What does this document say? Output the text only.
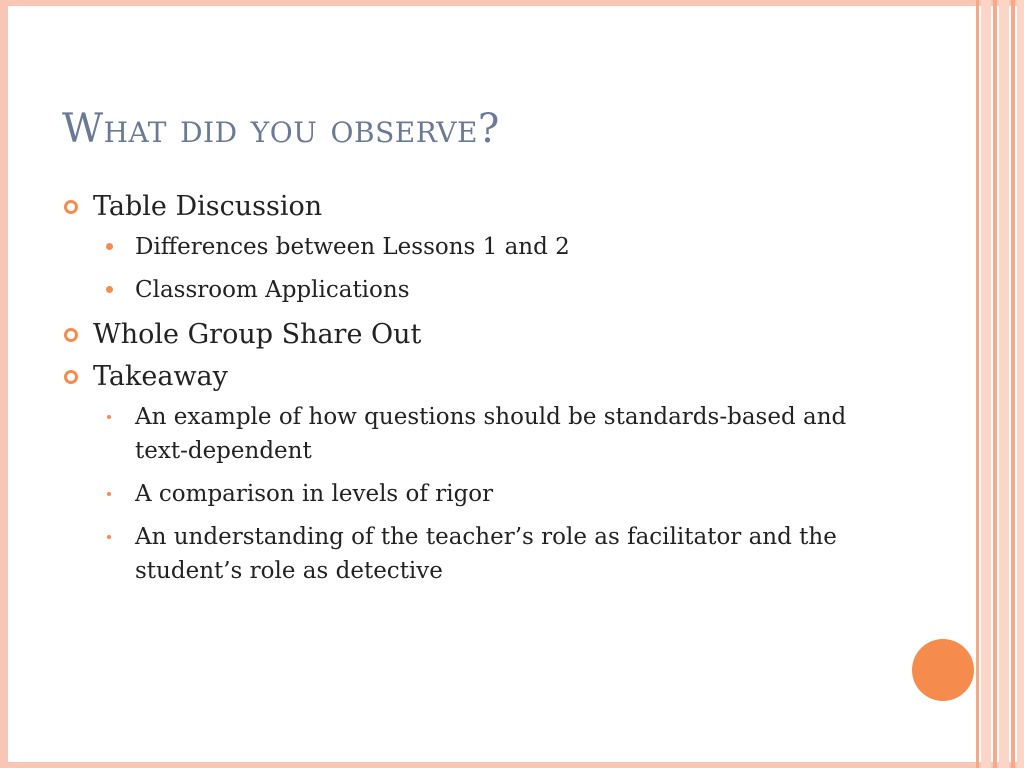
What did you observe?
Table Discussion
Differences between Lessons 1 and 2
Classroom Applications
Whole Group Share Out
Takeaway
An example of how questions should be standards-based and text-dependent
A comparison in levels of rigor
An understanding of the teacher’s role as facilitator and the student’s role as detective
